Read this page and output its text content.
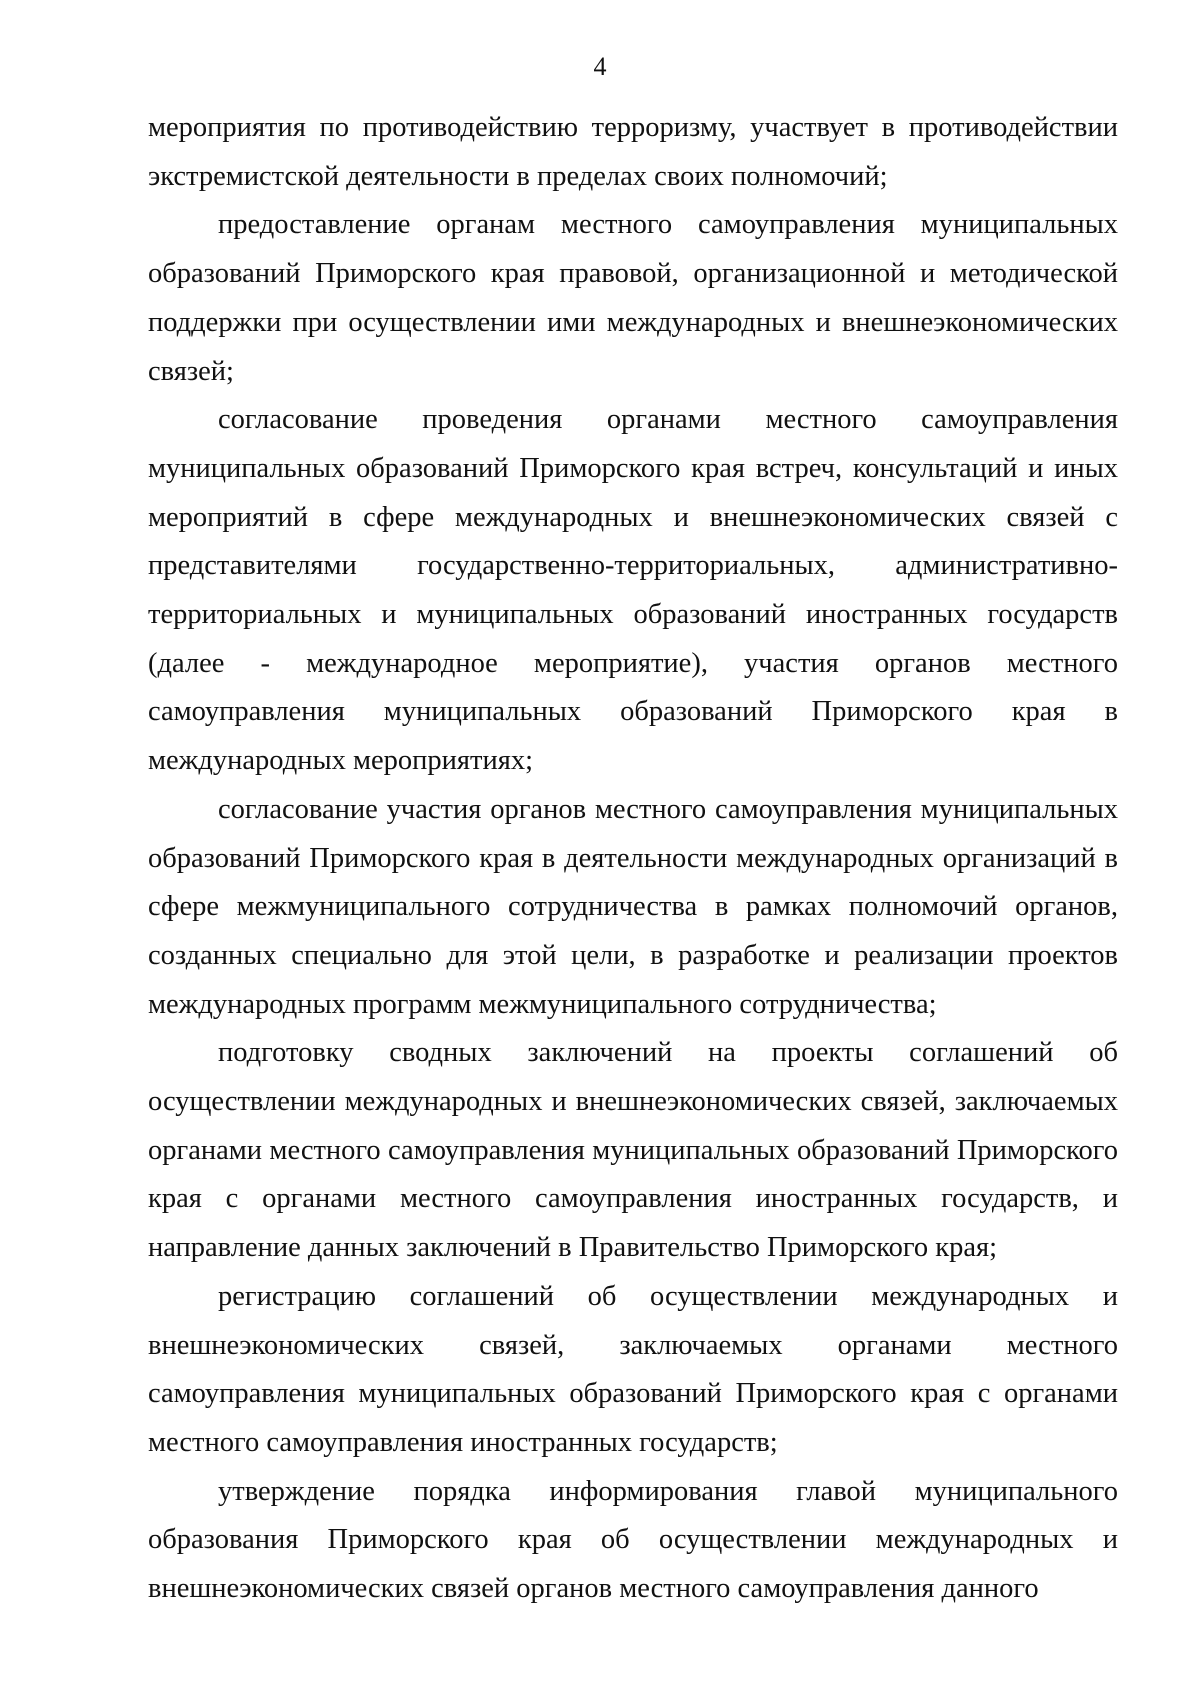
4

мероприятия по противодействию терроризму, участвует в противодействии экстремистской деятельности в пределах своих полномочий;

предоставление органам местного самоуправления муниципальных образований Приморского края правовой, организационной и методической поддержки при осуществлении ими международных и внешнеэкономических связей;

согласование проведения органами местного самоуправления муниципальных образований Приморского края встреч, консультаций и иных мероприятий в сфере международных и внешнеэкономических связей с представителями государственно-территориальных, административно-территориальных и муниципальных образований иностранных государств (далее - международное мероприятие), участия органов местного самоуправления муниципальных образований Приморского края в международных мероприятиях;

согласование участия органов местного самоуправления муниципальных образований Приморского края в деятельности международных организаций в сфере межмуниципального сотрудничества в рамках полномочий органов, созданных специально для этой цели, в разработке и реализации проектов международных программ межмуниципального сотрудничества;

подготовку сводных заключений на проекты соглашений об осуществлении международных и внешнеэкономических связей, заключаемых органами местного самоуправления муниципальных образований Приморского края с органами местного самоуправления иностранных государств, и направление данных заключений в Правительство Приморского края;

регистрацию соглашений об осуществлении международных и внешнеэкономических связей, заключаемых органами местного самоуправления муниципальных образований Приморского края с органами местного самоуправления иностранных государств;

утверждение порядка информирования главой муниципального образования Приморского края об осуществлении международных и внешнеэкономических связей органов местного самоуправления данного
